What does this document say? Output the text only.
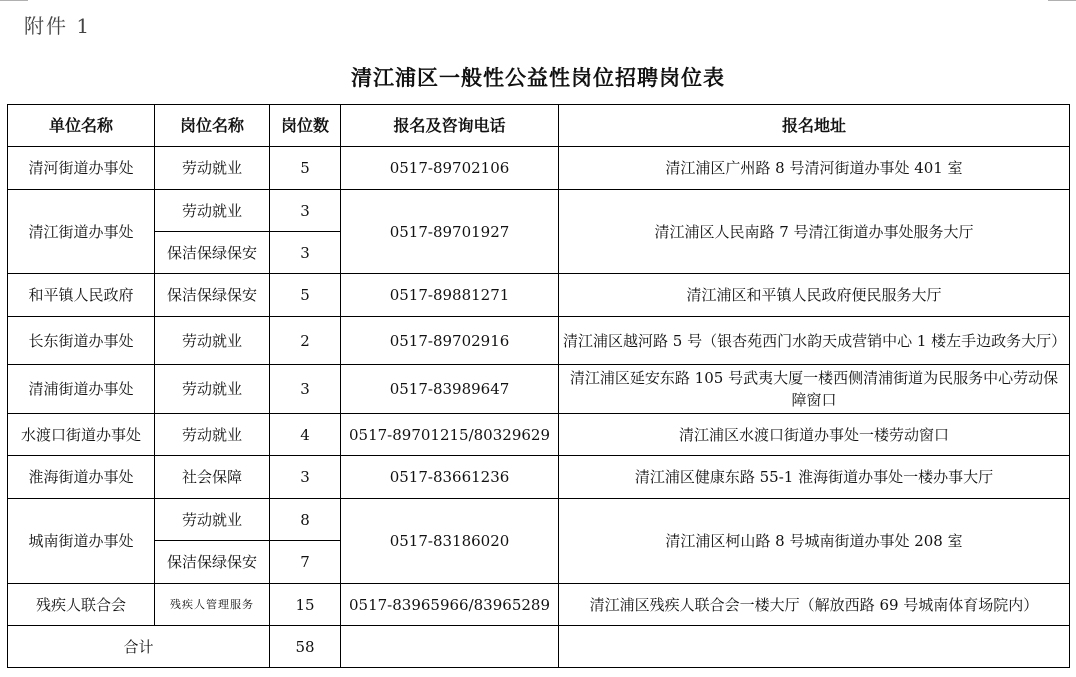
附件 1
清江浦区一般性公益性岗位招聘岗位表
单位名称	岗位名称	岗位数	报名及咨询电话	报名地址
清河街道办事处	劳动就业	5	0517-89702106	清江浦区广州路 8 号清河街道办事处 401 室
清江街道办事处	劳动就业	3	0517-89701927	清江浦区人民南路 7 号清江街道办事处服务大厅
	保洁保绿保安	3		
和平镇人民政府	保洁保绿保安	5	0517-89881271	清江浦区和平镇人民政府便民服务大厅
长东街道办事处	劳动就业	2	0517-89702916	清江浦区越河路 5 号（银杏苑西门水韵天成营销中心 1 楼左手边政务大厅）
清浦街道办事处	劳动就业	3	0517-83989647	清江浦区延安东路 105 号武夷大厦一楼西侧清浦街道为民服务中心劳动保障窗口
水渡口街道办事处	劳动就业	4	0517-89701215/80329629	清江浦区水渡口街道办事处一楼劳动窗口
淮海街道办事处	社会保障	3	0517-83661236	清江浦区健康东路 55-1 淮海街道办事处一楼办事大厅
城南街道办事处	劳动就业	8	0517-83186020	清江浦区柯山路 8 号城南街道办事处 208 室
	保洁保绿保安	7		
残疾人联合会	残疾人管理服务	15	0517-83965966/83965289	清江浦区残疾人联合会一楼大厅（解放西路 69 号城南体育场院内）
合计		58		
